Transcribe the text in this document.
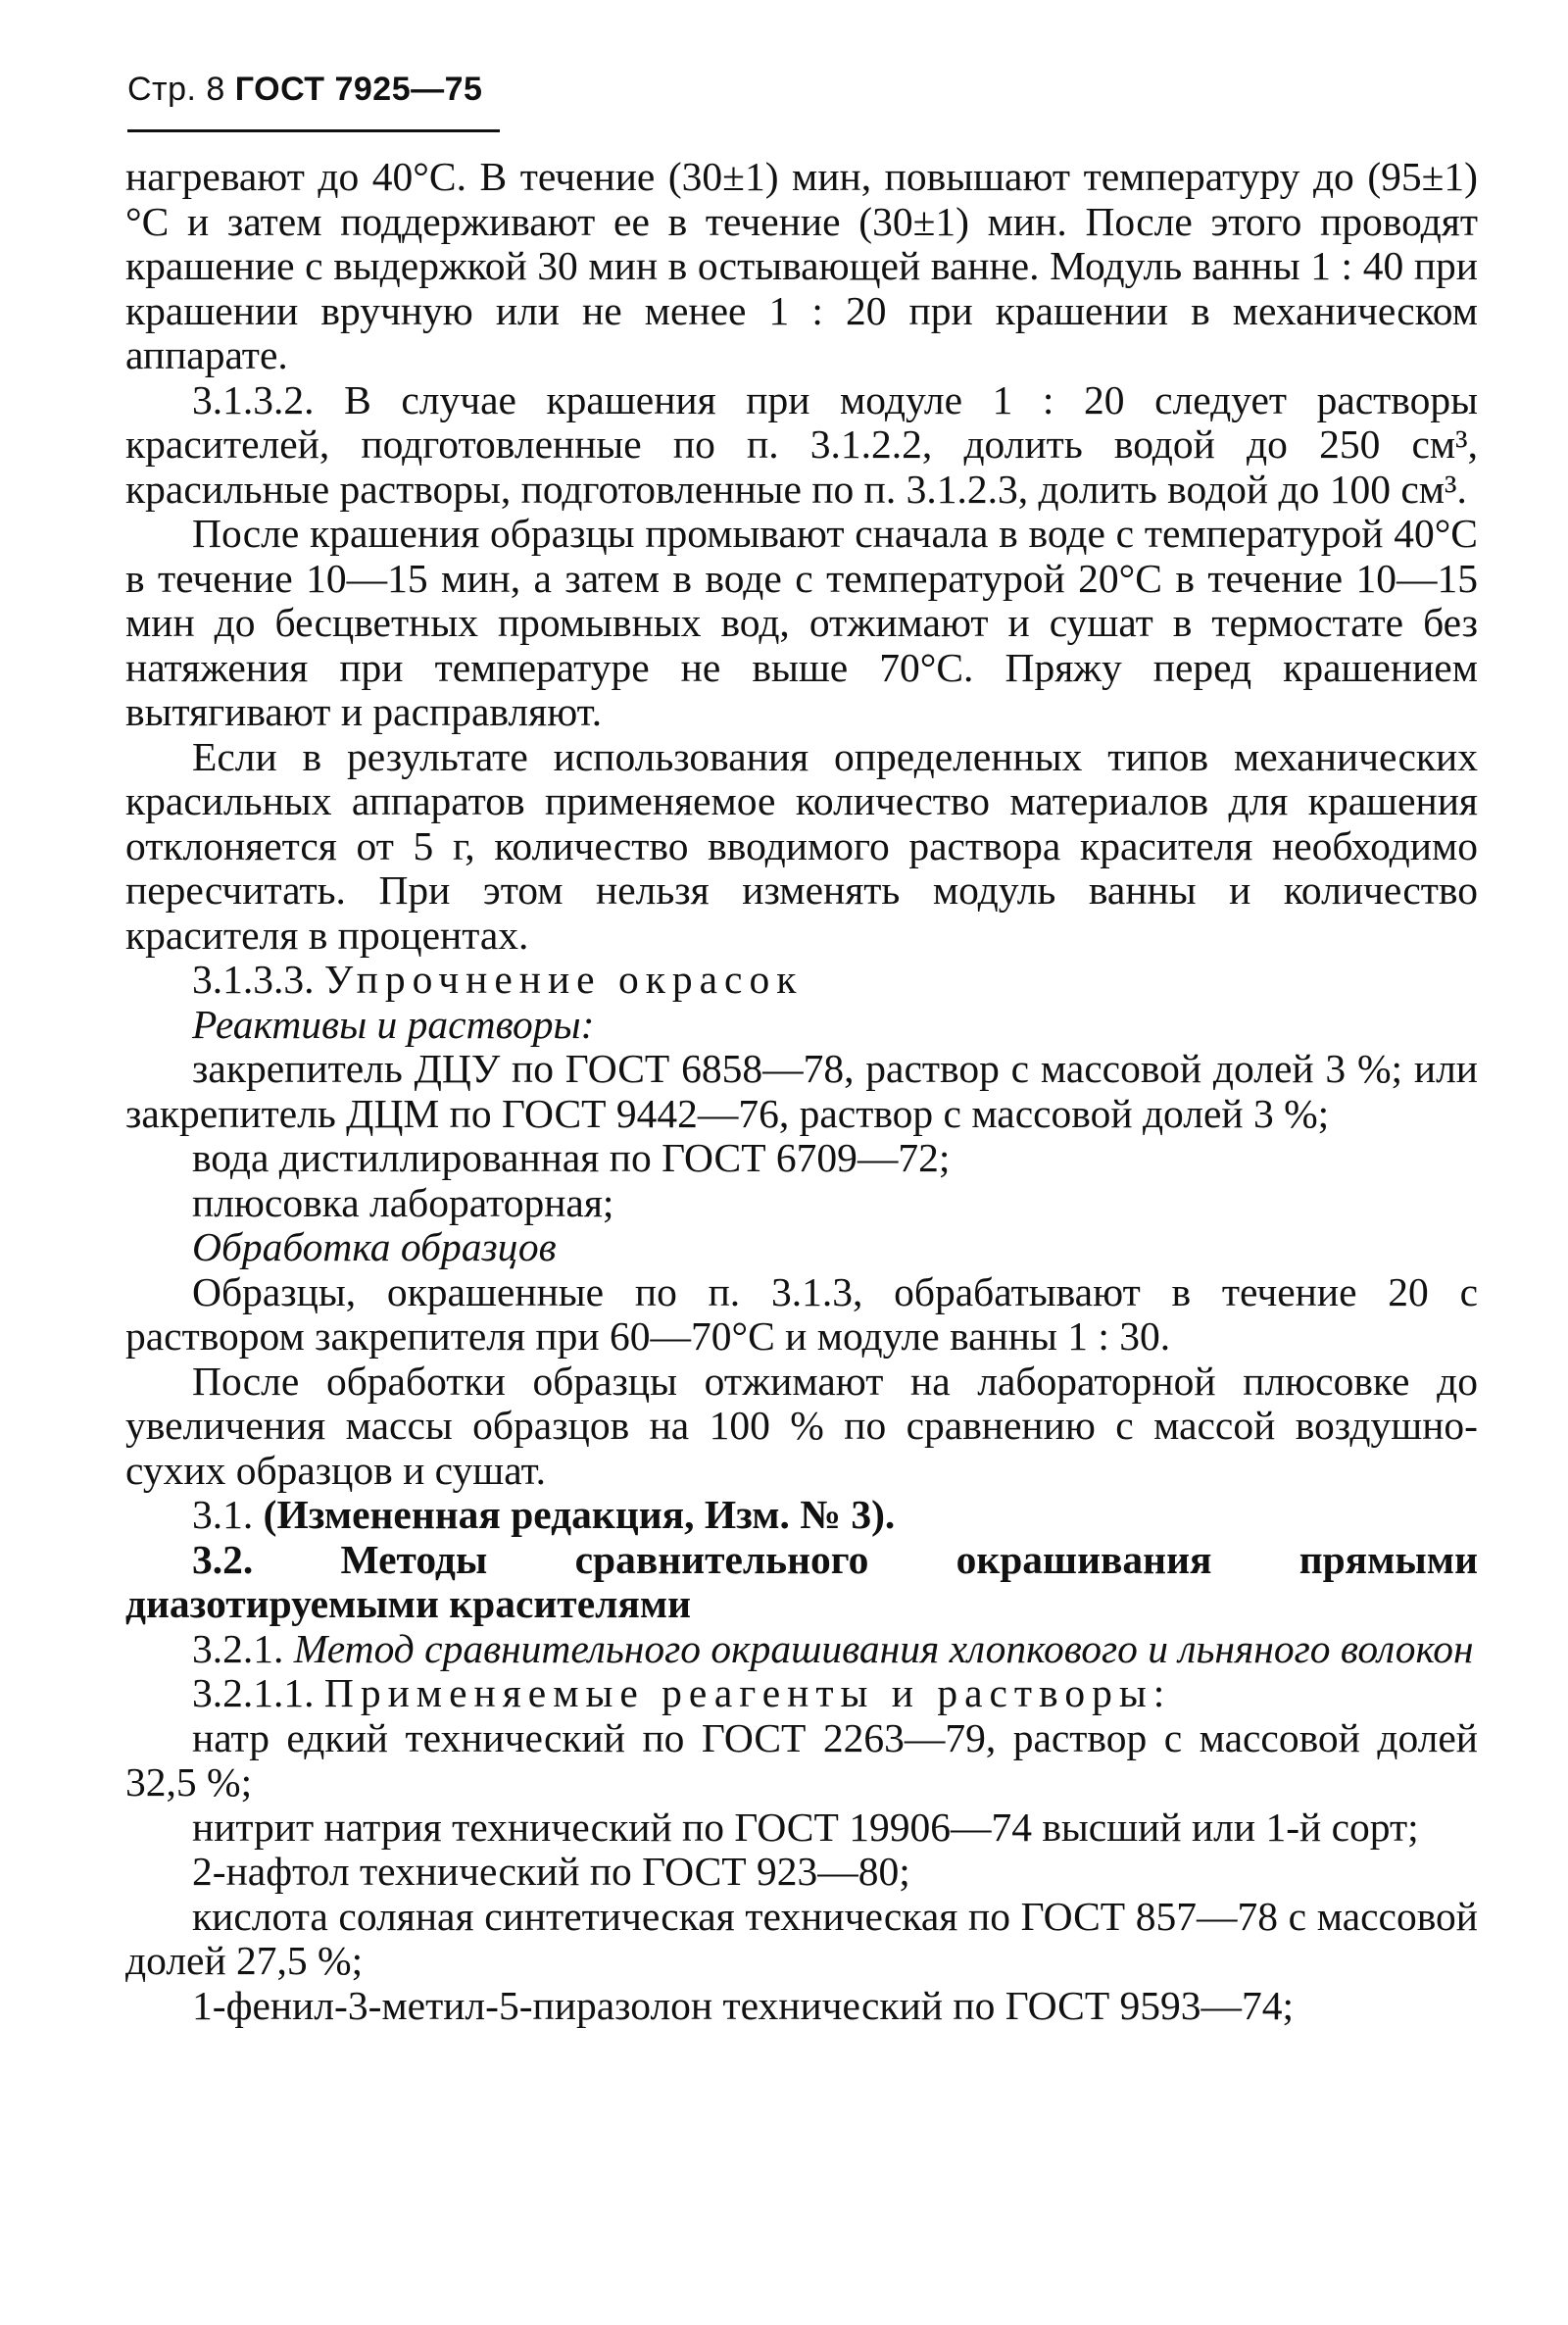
Стр. 8 ГОСТ 7925—75

нагревают до 40°С. В течение (30±1) мин, повышают температуру до (95±1)°С и затем поддерживают ее в течение (30±1) мин. После этого проводят крашение с выдержкой 30 мин в остывающей ванне. Модуль ванны 1 : 40 при крашении вручную или не менее 1 : 20 при крашении в механическом аппарате.

3.1.3.2. В случае крашения при модуле 1 : 20 следует растворы красителей, подготовленные по п. 3.1.2.2, долить водой до 250 см³, красильные растворы, подготовленные по п. 3.1.2.3, долить водой до 100 см³.

После крашения образцы промывают сначала в воде с температурой 40°С в течение 10—15 мин, а затем в воде с температурой 20°С в течение 10—15 мин до бесцветных промывных вод, отжимают и сушат в термостате без натяжения при температуре не выше 70°С. Пряжу перед крашением вытягивают и расправляют.

Если в результате использования определенных типов механических красильных аппаратов применяемое количество материалов для крашения отклоняется от 5 г, количество вводимого раствора красителя необходимо пересчитать. При этом нельзя изменять модуль ванны и количество красителя в процентах.

3.1.3.3. Упрочнение окрасок

Реактивы и растворы:

закрепитель ДЦУ по ГОСТ 6858—78, раствор с массовой долей 3 %; или закрепитель ДЦМ по ГОСТ 9442—76, раствор с массовой долей 3 %;

вода дистиллированная по ГОСТ 6709—72;

плюсовка лабораторная;

Обработка образцов

Образцы, окрашенные по п. 3.1.3, обрабатывают в течение 20 с раствором закрепителя при 60—70°С и модуле ванны 1 : 30.

После обработки образцы отжимают на лабораторной плюсовке до увеличения массы образцов на 100 % по сравнению с массой воздушно-сухих образцов и сушат.

3.1. (Измененная редакция, Изм. № 3).

3.2. Методы сравнительного окрашивания прямыми диазотируемыми красителями

3.2.1. Метод сравнительного окрашивания хлопкового и льняного волокон

3.2.1.1. Применяемые реагенты и растворы:

натр едкий технический по ГОСТ 2263—79, раствор с массовой долей 32,5 %;

нитрит натрия технический по ГОСТ 19906—74 высший или 1-й сорт;

2-нафтол технический по ГОСТ 923—80;

кислота соляная синтетическая техническая по ГОСТ 857—78 с массовой долей 27,5 %;

1-фенил-3-метил-5-пиразолон технический по ГОСТ 9593—74;
